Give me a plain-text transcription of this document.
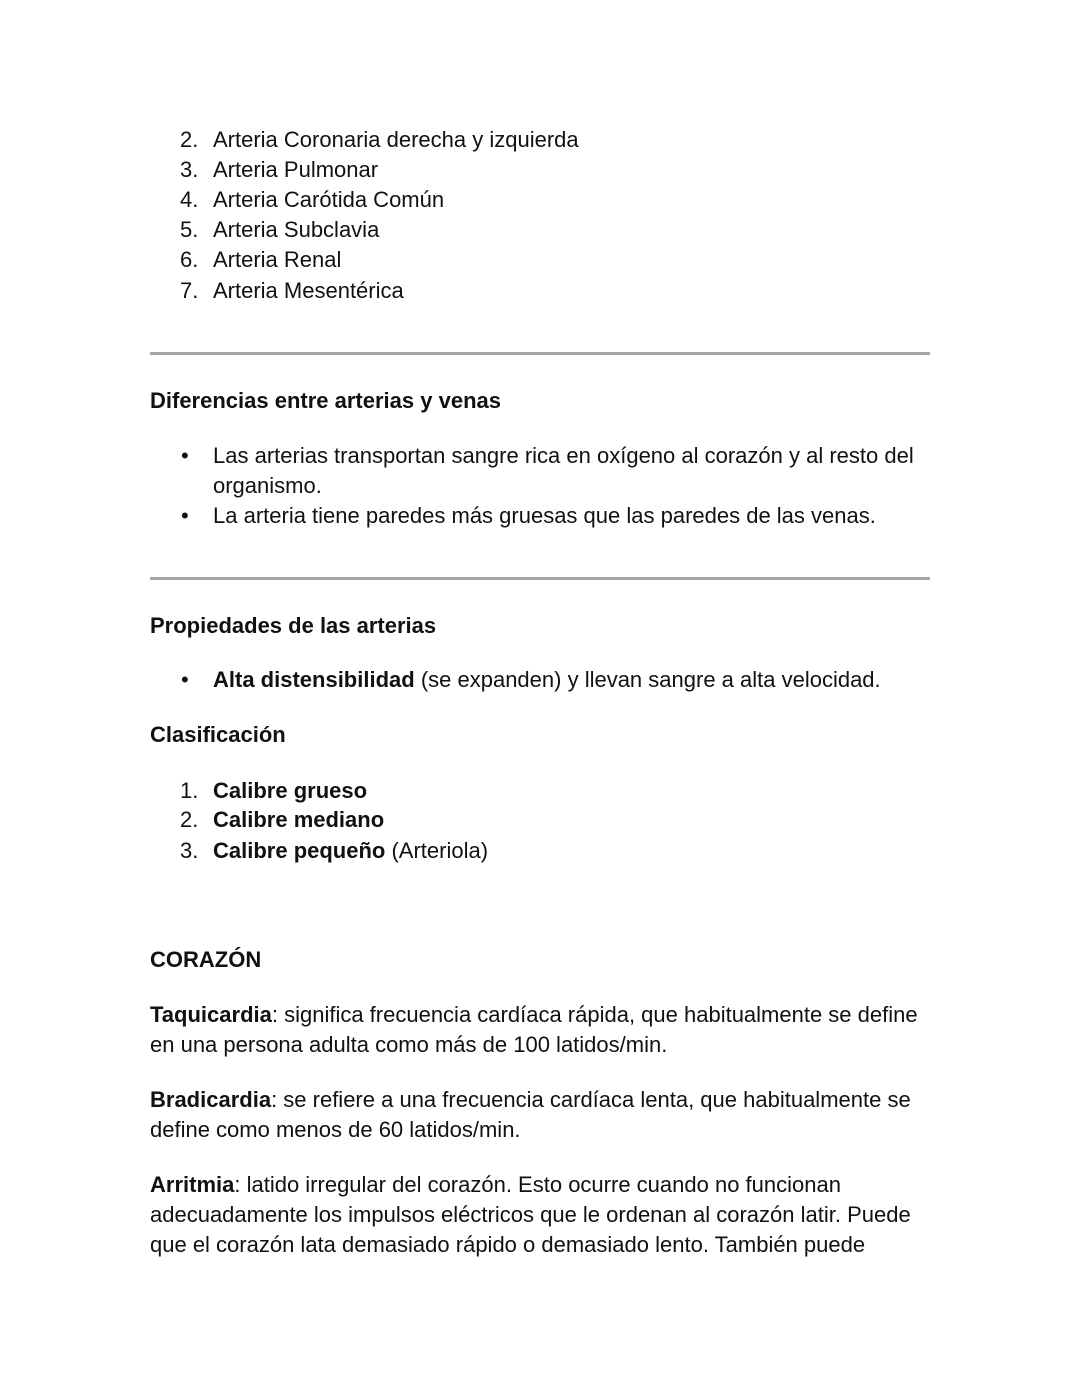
2. Arteria Coronaria derecha y izquierda
3. Arteria Pulmonar
4. Arteria Carótida Común
5. Arteria Subclavia
6. Arteria Renal
7. Arteria Mesentérica
Diferencias entre arterias y venas
• Las arterias transportan sangre rica en oxígeno al corazón y al resto del
organismo.
• La arteria tiene paredes más gruesas que las paredes de las venas.
Propiedades de las arterias
• Alta distensibilidad (se expanden) y llevan sangre a alta velocidad.
Clasificación
1. Calibre grueso
2. Calibre mediano
3. Calibre pequeño (Arteriola)
CORAZÓN
Taquicardia: significa frecuencia cardíaca rápida, que habitualmente se define
en una persona adulta como más de 100 latidos/min.
Bradicardia: se refiere a una frecuencia cardíaca lenta, que habitualmente se
define como menos de 60 latidos/min.
Arritmia: latido irregular del corazón. Esto ocurre cuando no funcionan
adecuadamente los impulsos eléctricos que le ordenan al corazón latir. Puede
que el corazón lata demasiado rápido o demasiado lento. También puede
